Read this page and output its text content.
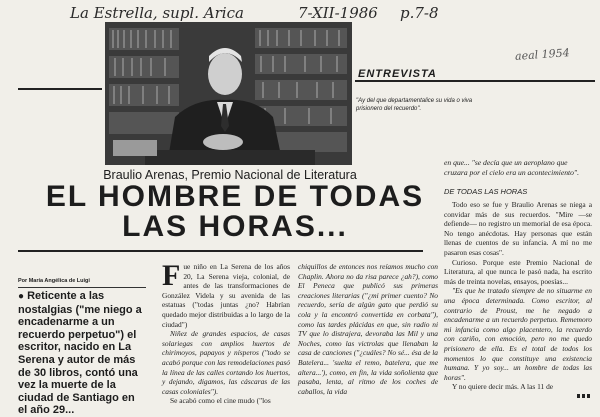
La Estrella, supl. Arica	7-XII-1986 p.7-8
ENTREVISTA
aeal 1954
"Ay del que departamentalice su vida o viva prisionero del recuerdo".
Braulio Arenas, Premio Nacional de Literatura
EL HOMBRE DE TODAS LAS HORAS...
en que... "se decía que un aeroplano que cruzara por el cielo era un acontecimiento".
DE TODAS LAS HORAS

Todo eso se fue y Braulio Arenas se niega a convidar más de sus recuerdos. "Mire —se defiende— no registro un memorial de esa época. No tengo anécdotas. Hay personas que están llenas de cuentos de su infancia. A mí no me pasaron esas cosas".

Curioso. Porque este Premio Nacional de Literatura, al que nunca le pasó nada, ha escrito más de treinta novelas, ensayos, poesías...

"Es que he tratado siempre de no situarme en una época determinada. Como escritor, al contrario de Proust, me he negado a encadenarme a un recuerdo perpetuo. Rememoro mi infancia como algo placentero, la recuerdo con cariño, con emoción, pero no me quedo prisionero de ella. Es el total de todos los momentos lo que constituye una existencia humana. Y yo soy... un hombre de todas las horas".

Y no quiere decir más. A las 11 de

Por María Angélica de Luigi
● Reticente a las nostalgias ("me niego a encadenarme a un recuerdo perpetuo") el escritor, nacido en La Serena y autor de más de 30 libros, contó una vez la muerte de la ciudad de Santiago en el año 29...

Fue niño en La Serena de los años 20, La Serena vieja, colonial, de antes de las transformaciones de González Videla y su avenida de las estatuas ("todas juntas ¿no? Habrían quedado mejor distribuidas a lo largo de la ciudad")

Niñez de grandes espacios, de casas solariegas con amplios huertos de chirimoyos, papayos y nísperos ("todo se acabó porque con las remodelaciones pasó la línea de las calles cortando los huertos, y dejando, digamos, las cáscaras de las casas coloniales").

Se acabó como el cine mudo ("los

chiquillos de entonces nos reíamos mucho con Chaplin. Ahora no da risa parece ¿ah?), como El Peneca que publicó sus primeras creaciones literarias ("¿mi primer cuento? No recuerdo, sería de algún gato que perdió su cola y la encontró convertida en corbata"), como las tardes plácidas en que, sin radio ni TV que lo distrajera, devoraba las Mil y una Noches, como las victrolas que llenaban la casa de canciones ("¿cuáles? No sé... ésa de la Batelera... 'suelta el remo, batelera, que me altera...'), como, en fin, la vida soñolienta que pasaba, lenta, al ritmo de los coches de caballos, la vida
